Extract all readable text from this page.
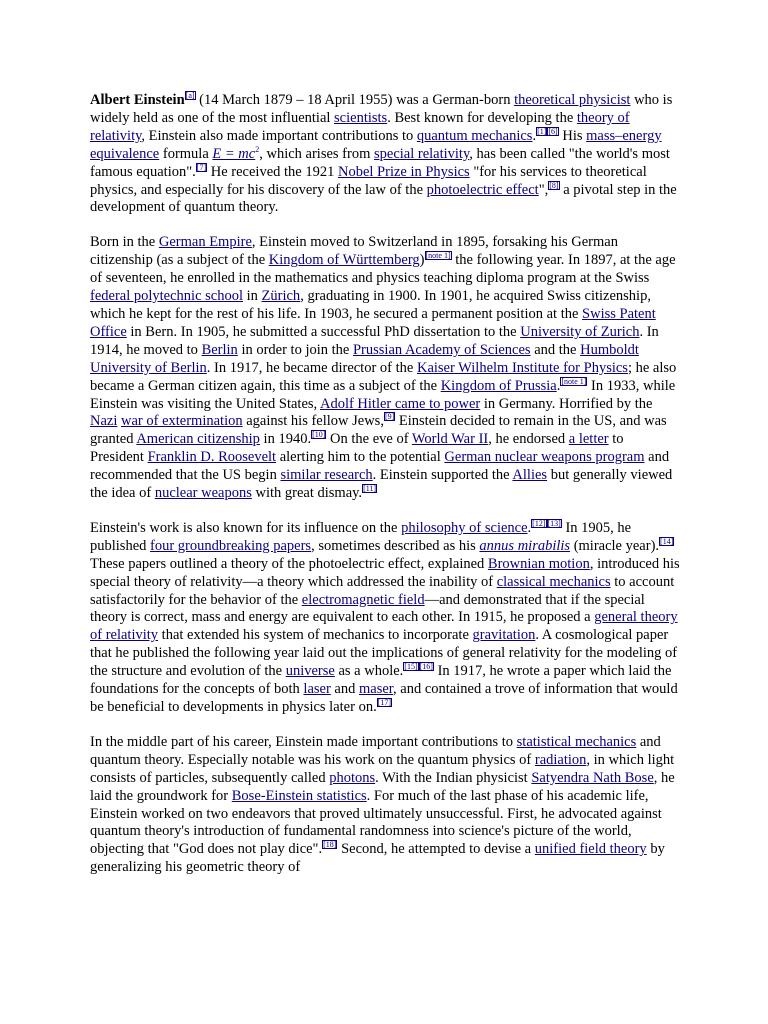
Albert Einstein[a] (14 March 1879 – 18 April 1955) was a German-born theoretical physicist who is widely held as one of the most influential scientists. Best known for developing the theory of relativity, Einstein also made important contributions to quantum mechanics.[1] [6] His mass–energy equivalence formula $E = mc^2$, which arises from special relativity, has been called "the world's most famous equation".[7] He received the 1921 Nobel Prize in Physics "for his services to theoretical physics, and especially for his discovery of the law of the photoelectric effect",[8] a pivotal step in the development of quantum theory.

Born in the German Empire, Einstein moved to Switzerland in 1895, forsaking his German citizenship (as a subject of the Kingdom of Württemberg)[note 1] the following year. In 1897, at the age of seventeen, he enrolled in the mathematics and physics teaching diploma program at the Swiss federal polytechnic school in Zürich, graduating in 1900. In 1901, he acquired Swiss citizenship, which he kept for the rest of his life. In 1903, he secured a permanent position at the Swiss Patent Office in Bern. In 1905, he submitted a successful PhD dissertation to the University of Zurich. In 1914, he moved to Berlin in order to join the Prussian Academy of Sciences and the Humboldt University of Berlin. In 1917, he became director of the Kaiser Wilhelm Institute for Physics; he also became a German citizen again, this time as a subject of the Kingdom of Prussia.[note 1] In 1933, while Einstein was visiting the United States, Adolf Hitler came to power in Germany. Horrified by the Nazi war of extermination against his fellow Jews,[9] Einstein decided to remain in the US, and was granted American citizenship in 1940.[10] On the eve of World War II, he endorsed a letter to President Franklin D. Roosevelt alerting him to the potential German nuclear weapons program and recommended that the US begin similar research. Einstein supported the Allies but generally viewed the idea of nuclear weapons with great dismay.[11]

Einstein's work is also known for its influence on the philosophy of science.[12] [13] In 1905, he published four groundbreaking papers, sometimes described as his annus mirabilis (miracle year).[14] These papers outlined a theory of the photoelectric effect, explained Brownian motion, introduced his special theory of relativity—a theory which addressed the inability of classical mechanics to account satisfactorily for the behavior of the electromagnetic field—and demonstrated that if the special theory is correct, mass and energy are equivalent to each other. In 1915, he proposed a general theory of relativity that extended his system of mechanics to incorporate gravitation. A cosmological paper that he published the following year laid out the implications of general relativity for the modeling of the structure and evolution of the universe as a whole.[15] [16] In 1917, he wrote a paper which laid the foundations for the concepts of both laser and maser, and contained a trove of information that would be beneficial to developments in physics later on.[17]

In the middle part of his career, Einstein made important contributions to statistical mechanics and quantum theory. Especially notable was his work on the quantum physics of radiation, in which light consists of particles, subsequently called photons. With the Indian physicist Satyendra Nath Bose, he laid the groundwork for Bose-Einstein statistics. For much of the last phase of his academic life, Einstein worked on two endeavors that proved ultimately unsuccessful. First, he advocated against quantum theory's introduction of fundamental randomness into science's picture of the world, objecting that "God does not play dice".[18] Second, he attempted to devise a unified field theory by generalizing his geometric theory of
